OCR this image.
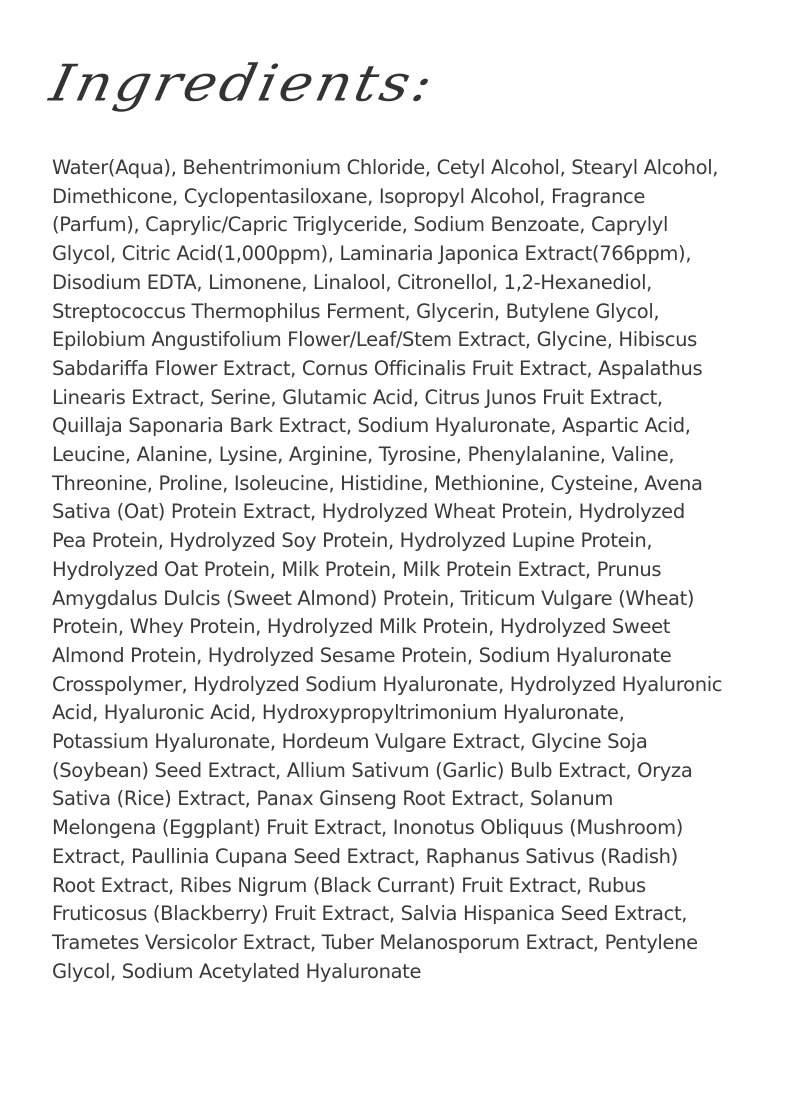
Ingredients:
Water(Aqua), Behentrimonium Chloride, Cetyl Alcohol, Stearyl Alcohol,
Dimethicone, Cyclopentasiloxane, Isopropyl Alcohol, Fragrance
(Parfum), Caprylic/Capric Triglyceride, Sodium Benzoate, Caprylyl
Glycol, Citric Acid(1,000ppm), Laminaria Japonica Extract(766ppm),
Disodium EDTA, Limonene, Linalool, Citronellol, 1,2-Hexanediol,
Streptococcus Thermophilus Ferment, Glycerin, Butylene Glycol,
Epilobium Angustifolium Flower/Leaf/Stem Extract, Glycine, Hibiscus
Sabdariffa Flower Extract, Cornus Officinalis Fruit Extract, Aspalathus
Linearis Extract, Serine, Glutamic Acid, Citrus Junos Fruit Extract,
Quillaja Saponaria Bark Extract, Sodium Hyaluronate, Aspartic Acid,
Leucine, Alanine, Lysine, Arginine, Tyrosine, Phenylalanine, Valine,
Threonine, Proline, Isoleucine, Histidine, Methionine, Cysteine, Avena
Sativa (Oat) Protein Extract, Hydrolyzed Wheat Protein, Hydrolyzed
Pea Protein, Hydrolyzed Soy Protein, Hydrolyzed Lupine Protein,
Hydrolyzed Oat Protein, Milk Protein, Milk Protein Extract, Prunus
Amygdalus Dulcis (Sweet Almond) Protein, Triticum Vulgare (Wheat)
Protein, Whey Protein, Hydrolyzed Milk Protein, Hydrolyzed Sweet
Almond Protein, Hydrolyzed Sesame Protein, Sodium Hyaluronate
Crosspolymer, Hydrolyzed Sodium Hyaluronate, Hydrolyzed Hyaluronic
Acid, Hyaluronic Acid, Hydroxypropyltrimonium Hyaluronate,
Potassium Hyaluronate, Hordeum Vulgare Extract, Glycine Soja
(Soybean) Seed Extract, Allium Sativum (Garlic) Bulb Extract, Oryza
Sativa (Rice) Extract, Panax Ginseng Root Extract, Solanum
Melongena (Eggplant) Fruit Extract, Inonotus Obliquus (Mushroom)
Extract, Paullinia Cupana Seed Extract, Raphanus Sativus (Radish)
Root Extract, Ribes Nigrum (Black Currant) Fruit Extract, Rubus
Fruticosus (Blackberry) Fruit Extract, Salvia Hispanica Seed Extract,
Trametes Versicolor Extract, Tuber Melanosporum Extract, Pentylene
Glycol, Sodium Acetylated Hyaluronate
